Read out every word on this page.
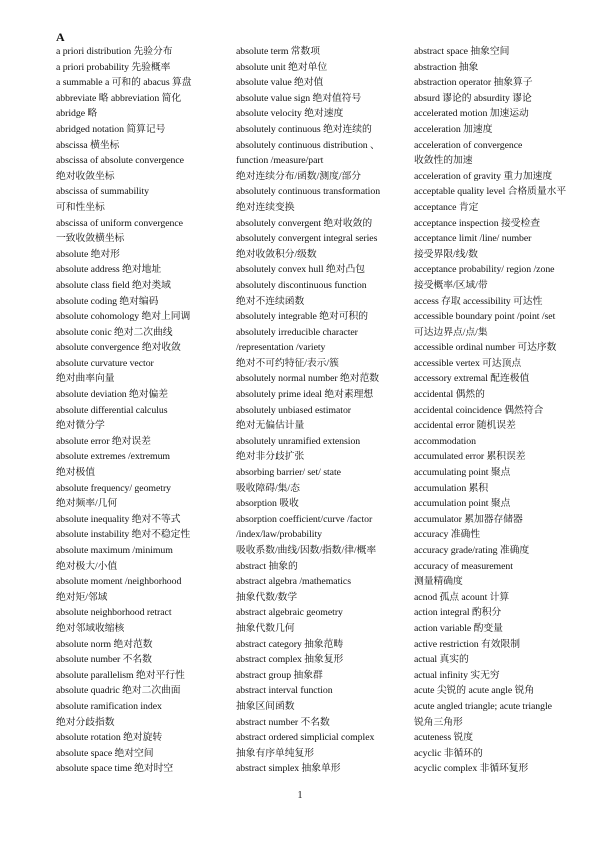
A
a priori distribution 先验分布
a priori probability 先验概率
a summable a 可和的 abacus 算盘
abbreviate 略 abbreviation 简化
abridge 略
abridged notation 简算记号
abscissa 横坐标
abscissa of absolute convergence
绝对收敛坐标
abscissa of summability
可和性坐标
abscissa of uniform convergence
一致收敛横坐标
absolute 绝对形
absolute address 绝对地址
absolute class field 绝对类域
absolute coding 绝对编码
absolute cohomology 绝对上同调
absolute conic 绝对二次曲线
absolute convergence 绝对收敛
absolute curvature vector
绝对曲率向量
absolute deviation 绝对偏差
absolute differential calculus
绝对微分学
absolute error 绝对误差
absolute extremes /extremum
绝对极值
absolute frequency/ geometry
绝对频率/几何
absolute inequality 绝对不等式
absolute instability 绝对不稳定性
absolute maximum /minimum
绝对极大/小值
absolute moment /neighborhood
绝对矩/邻域
absolute neighborhood retract
绝对邻域收缩核
absolute norm 绝对范数
absolute number 不名数
absolute parallelism 绝对平行性
absolute quadric 绝对二次曲面
absolute ramification index
绝对分歧指数
absolute rotation 绝对旋转
absolute space 绝对空间
absolute space time 绝对时空
absolute term 常数项
absolute unit 绝对单位
absolute value 绝对值
absolute value sign 绝对值符号
absolute velocity 绝对速度
absolutely continuous 绝对连续的
absolutely continuous distribution 、
function /measure/part
绝对连续分布/函数/测度/部分
absolutely continuous transformation
绝对连续变换
absolutely convergent 绝对收敛的
absolutely convergent integral series
绝对收敛积分/级数
absolutely convex hull 绝对凸包
absolutely discontinuous function
绝对不连续函数
absolutely integrable 绝对可积的
absolutely irreducible character
/representation /variety
绝对不可约特征/表示/簇
absolutely normal number 绝对范数
absolutely prime ideal 绝对素理想
absolutely unbiased estimator
绝对无偏估计量
absolutely unramified extension
绝对非分歧扩张
absorbing barrier/ set/ state
吸收障碍/集/态
absorption 吸收
absorption coefficient/curve /factor
/index/law/probability
吸收系数/曲线/因数/指数/律/概率
abstract 抽象的
abstract algebra /mathematics
抽象代数/数学
abstract algebraic geometry
抽象代数几何
abstract category 抽象范畴
abstract complex 抽象复形
abstract group 抽象群
abstract interval function
抽象区间函数
abstract number 不名数
abstract ordered simplicial complex
抽象有序单纯复形
abstract simplex 抽象单形
abstract space 抽象空间
abstraction 抽象
abstraction operator 抽象算子
absurd 谬论的 absurdity 谬论
accelerated motion 加速运动
acceleration 加速度
acceleration of convergence
收敛性的加速
acceleration of gravity 重力加速度
acceptable quality level 合格质量水平
acceptance 肯定
acceptance inspection 接受检查
acceptance limit /line/ number
接受界限/线/数
acceptance probability/ region /zone
接受概率/区域/带
access 存取 accessibility 可达性
accessible boundary point /point /set
可达边界点/点/集
accessible ordinal number 可达序数
accessible vertex 可达顶点
accessory extremal 配连极值
accidental 偶然的
accidental coincidence 偶然符合
accidental error 随机误差
accommodation
accumulated error 累积误差
accumulating point 聚点
accumulation 累积
accumulation point 聚点
accumulator 累加器存储器
accuracy 准确性
accuracy grade/rating 准确度
accuracy of measurement
测量精确度
acnod 孤点 acount 计算
action integral 酌积分
action variable 酌变量
active restriction 有效限制
actual 真实的
actual infinity 实无穷
acute 尖锐的 acute angle 锐角
acute angled triangle; acute triangle
锐角三角形
acuteness 锐度
acyclic 非循环的
acyclic complex 非循环复形
1
